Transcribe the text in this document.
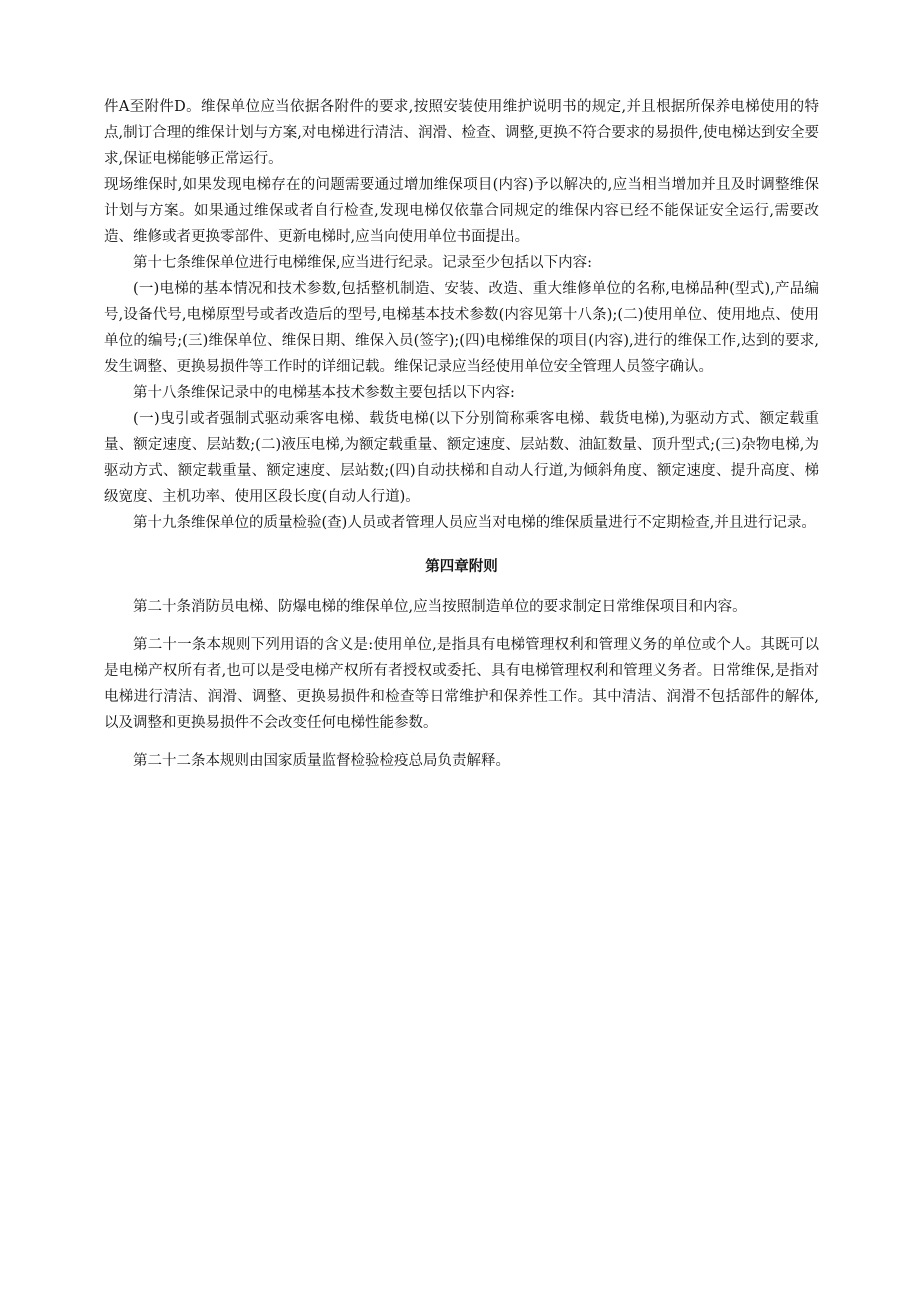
件A至附件D。维保单位应当依据各附件的要求,按照安装使用维护说明书的规定,并且根据所保养电梯使用的特点,制订合理的维保计划与方案,对电梯进行清洁、润滑、检查、调整,更换不符合要求的易损件,使电梯达到安全要求,保证电梯能够正常运行。

现场维保时,如果发现电梯存在的问题需要通过增加维保项目(内容)予以解决的,应当相当增加并且及时调整维保计划与方案。如果通过维保或者自行检查,发现电梯仅依靠合同规定的维保内容已经不能保证安全运行,需要改造、维修或者更换零部件、更新电梯时,应当向使用单位书面提出。

第十七条维保单位进行电梯维保,应当进行纪录。记录至少包括以下内容:

(一)电梯的基本情况和技术参数,包括整机制造、安装、改造、重大维修单位的名称,电梯品种(型式),产品编号,设备代号,电梯原型号或者改造后的型号,电梯基本技术参数(内容见第十八条);(二)使用单位、使用地点、使用单位的编号;(三)维保单位、维保日期、维保入员(签字);(四)电梯维保的项目(内容),进行的维保工作,达到的要求,发生调整、更换易损件等工作时的详细记载。维保记录应当经使用单位安全管理人员签字确认。

第十八条维保记录中的电梯基本技术参数主要包括以下内容:

(一)曳引或者强制式驱动乘客电梯、载货电梯(以下分别简称乘客电梯、载货电梯),为驱动方式、额定载重量、额定速度、层站数;(二)液压电梯,为额定载重量、额定速度、层站数、油缸数量、顶升型式;(三)杂物电梯,为驱动方式、额定载重量、额定速度、层站数;(四)自动扶梯和自动人行道,为倾斜角度、额定速度、提升高度、梯级宽度、主机功率、使用区段长度(自动人行道)。

第十九条维保单位的质量检验(查)人员或者管理人员应当对电梯的维保质量进行不定期检查,并且进行记录。

第四章附则

第二十条消防员电梯、防爆电梯的维保单位,应当按照制造单位的要求制定日常维保项目和内容。

第二十一条本规则下列用语的含义是:使用单位,是指具有电梯管理权利和管理义务的单位或个人。其既可以是电梯产权所有者,也可以是受电梯产权所有者授权或委托、具有电梯管理权利和管理义务者。日常维保,是指对电梯进行清洁、润滑、调整、更换易损件和检查等日常维护和保养性工作。其中清洁、润滑不包括部件的解体,以及调整和更换易损件不会改变任何电梯性能参数。

第二十二条本规则由国家质量监督检验检疫总局负责解释。
